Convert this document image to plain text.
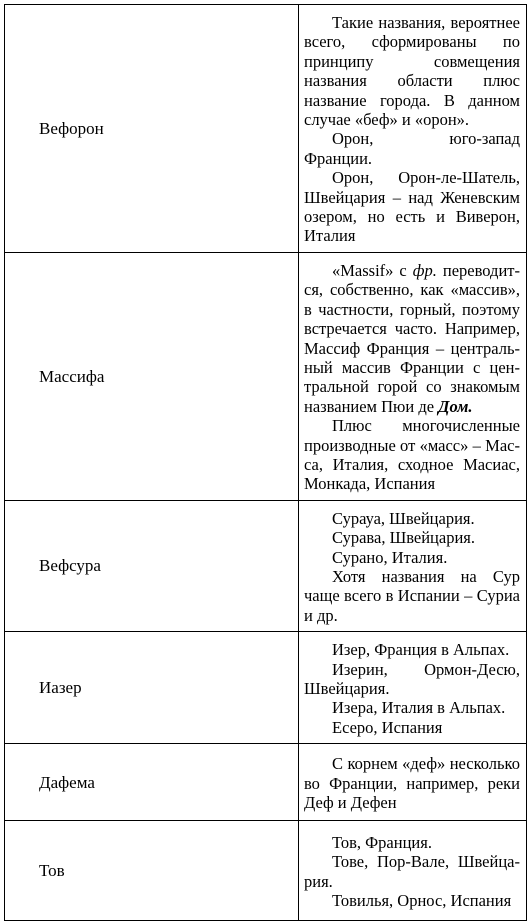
Вефорон	Такие названия, вероятнее всего, сформированы по принципу совмещения названия области плюс название города. В данном случае «беф» и «орон».

Орон, юго-запад Франции.

Орон, Орон-ле-Шатель, Швейцария – над Женевским озером, но есть и Виверон, Италия

Массифа	«Massif» с фр. переводится, собственно, как «массив», в частности, горный, поэтому встречается часто. Например, Массиф Франция – центральный массив Франции с центральной горой со знакомым названием Пюи де Дом.

Плюс многочисленные производные от «масс» – Масса, Италия, сходное Масиас, Монкада, Испания

Вефсура	Сурауа, Швейцария.

Сурава, Швейцария.

Сурано, Италия.

Хотя названия на Сур чаще всего в Испании – Суриа и др.

Иазер	Изер, Франция в Альпах.

Изерин, Ормон-Десю, Швейцария.

Изера, Италия в Альпах.

Есеро, Испания

Дафема	С корнем «деф» несколько во Франции, например, реки Деф и Дефен

Тов	Тов, Франция.

Тове, Пор-Вале, Швейцария.

Товилья, Орнос, Испания
